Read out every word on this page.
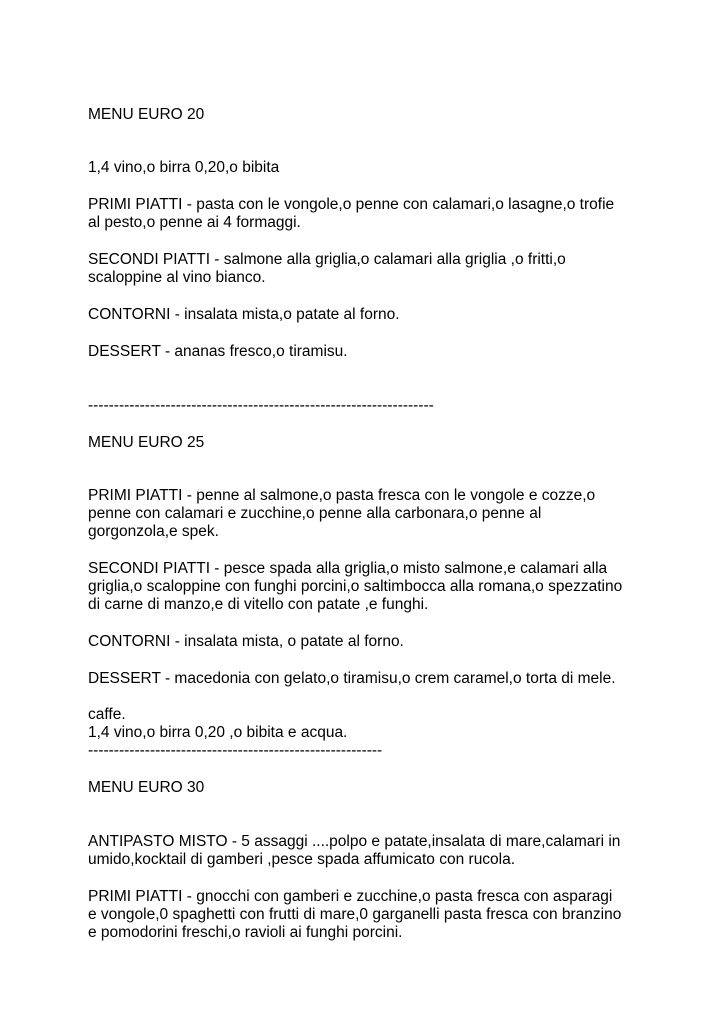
MENU EURO 20

1,4 vino,o birra 0,20,o bibita

PRIMI PIATTI - pasta con le vongole,o penne con calamari,o lasagne,o trofie

al pesto,o penne ai 4 formaggi.

SECONDI PIATTI - salmone alla griglia,o calamari alla griglia ,o fritti,o

scaloppine al vino bianco.

CONTORNI - insalata mista,o patate al forno.

DESSERT - ananas fresco,o tiramisu.

-------------------------------------------------------------------

MENU EURO 25

PRIMI PIATTI - penne al salmone,o pasta fresca con le vongole e cozze,o

penne con calamari e zucchine,o penne alla carbonara,o penne al

gorgonzola,e spek.

SECONDI PIATTI - pesce spada alla griglia,o misto salmone,e calamari alla

griglia,o scaloppine con funghi porcini,o saltimbocca alla romana,o spezzatino

di carne di manzo,e di vitello con patate ,e funghi.

CONTORNI - insalata mista, o patate al forno.

DESSERT - macedonia con gelato,o tiramisu,o crem caramel,o torta di mele.

caffe.

1,4 vino,o birra 0,20 ,o bibita e acqua.

---------------------------------------------------------

MENU EURO 30

ANTIPASTO MISTO - 5 assaggi ....polpo e patate,insalata di mare,calamari in

umido,kocktail di gamberi ,pesce spada affumicato con rucola.

PRIMI PIATTI - gnocchi con gamberi e zucchine,o pasta fresca con asparagi

e vongole,0 spaghetti con frutti di mare,0 garganelli pasta fresca con branzino

e pomodorini freschi,o ravioli ai funghi porcini.
